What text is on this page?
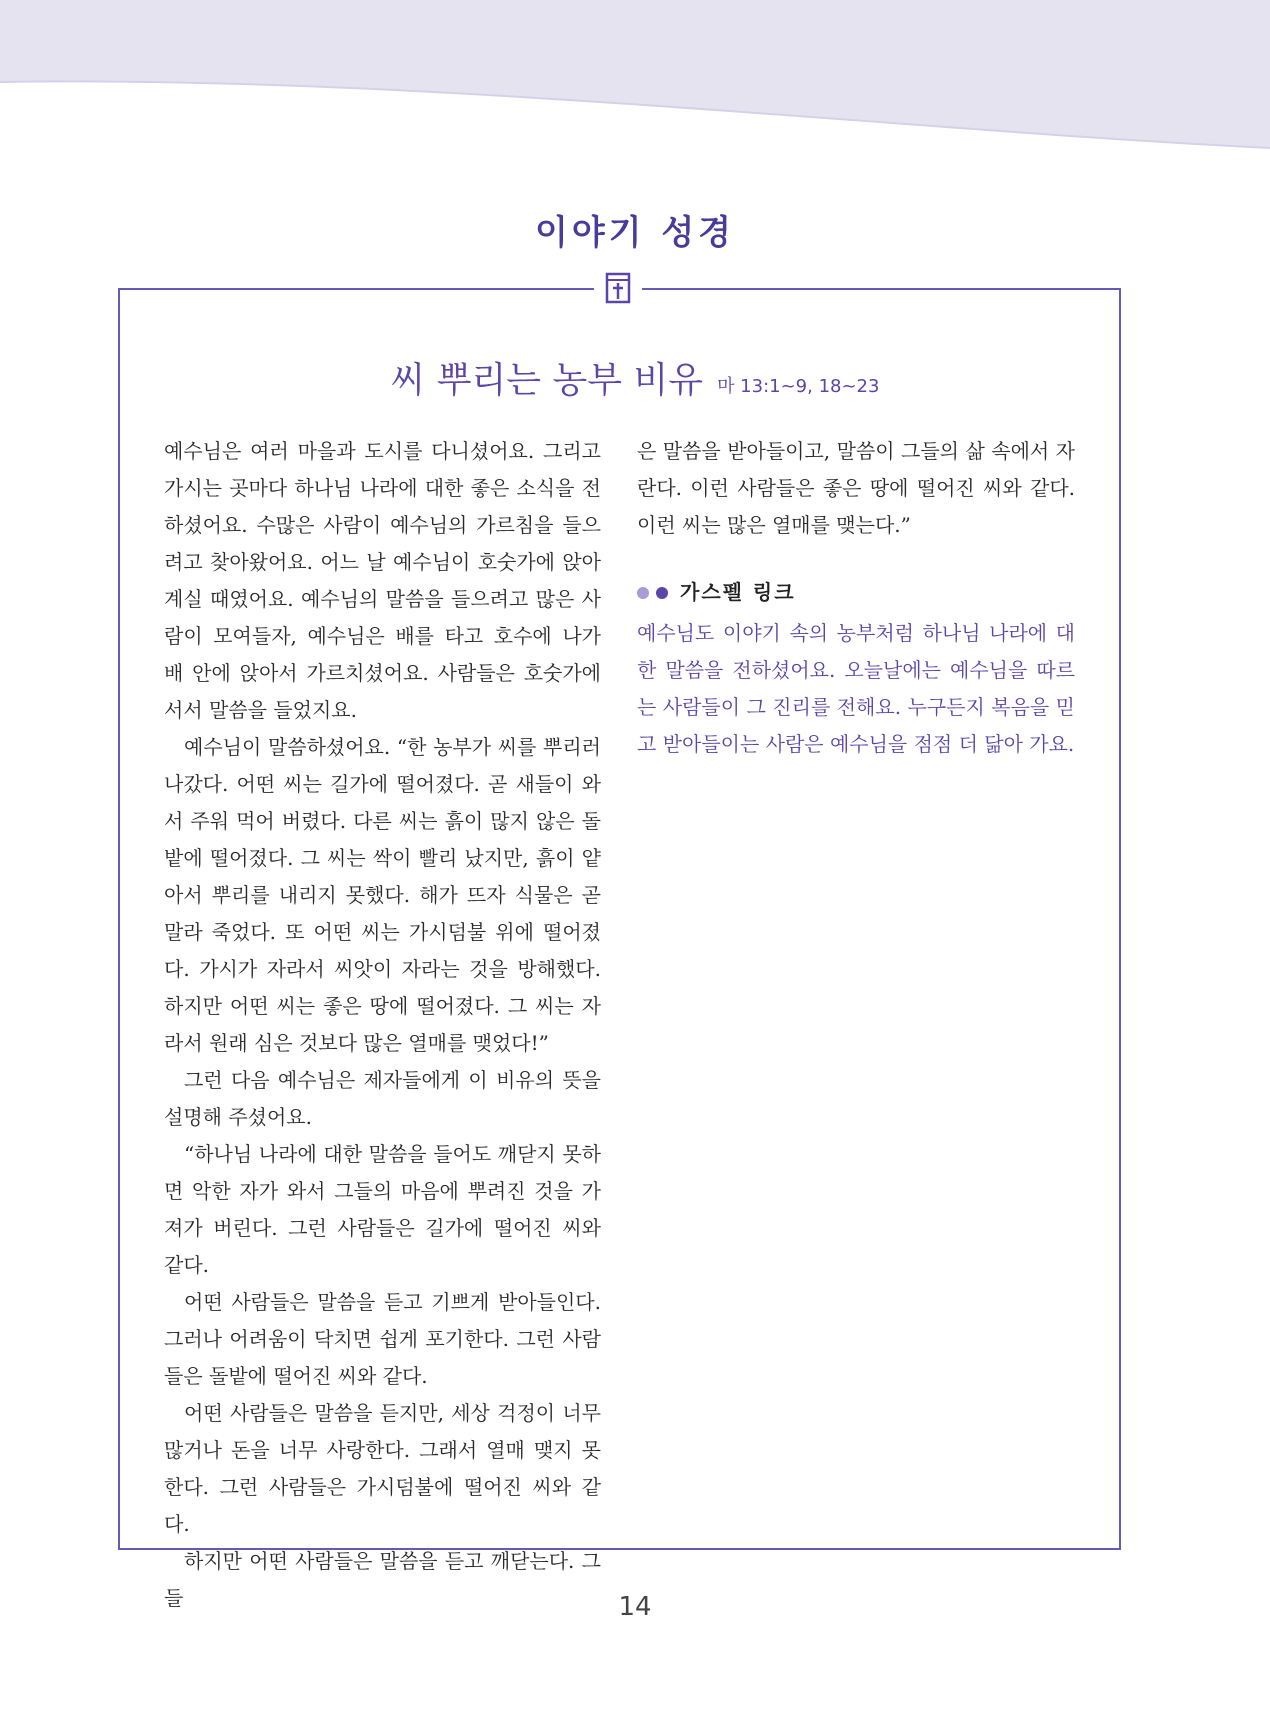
이야기 성경
씨 뿌리는 농부 비유 마 13:1~9, 18~23

예수님은 여러 마을과 도시를 다니셨어요. 그리고 가시는 곳마다 하나님 나라에 대한 좋은 소식을 전하셨어요. 수많은 사람이 예수님의 가르침을 들으려고 찾아왔어요. 어느 날 예수님이 호숫가에 앉아 계실 때였어요. 예수님의 말씀을 들으려고 많은 사람이 모여들자, 예수님은 배를 타고 호수에 나가 배 안에 앉아서 가르치셨어요. 사람들은 호숫가에 서서 말씀을 들었지요.

예수님이 말씀하셨어요. “한 농부가 씨를 뿌리러 나갔다. 어떤 씨는 길가에 떨어졌다. 곧 새들이 와서 주워 먹어 버렸다. 다른 씨는 흙이 많지 않은 돌밭에 떨어졌다. 그 씨는 싹이 빨리 났지만, 흙이 얕아서 뿌리를 내리지 못했다. 해가 뜨자 식물은 곧 말라 죽었다. 또 어떤 씨는 가시덤불 위에 떨어졌다. 가시가 자라서 씨앗이 자라는 것을 방해했다. 하지만 어떤 씨는 좋은 땅에 떨어졌다. 그 씨는 자라서 원래 심은 것보다 많은 열매를 맺었다!”

그런 다음 예수님은 제자들에게 이 비유의 뜻을 설명해 주셨어요.

“하나님 나라에 대한 말씀을 들어도 깨닫지 못하면 악한 자가 와서 그들의 마음에 뿌려진 것을 가져가 버린다. 그런 사람들은 길가에 떨어진 씨와 같다.

어떤 사람들은 말씀을 듣고 기쁘게 받아들인다. 그러나 어려움이 닥치면 쉽게 포기한다. 그런 사람들은 돌밭에 떨어진 씨와 같다.

어떤 사람들은 말씀을 듣지만, 세상 걱정이 너무 많거나 돈을 너무 사랑한다. 그래서 열매 맺지 못한다. 그런 사람들은 가시덤불에 떨어진 씨와 같다.

하지만 어떤 사람들은 말씀을 듣고 깨닫는다. 그들

은 말씀을 받아들이고, 말씀이 그들의 삶 속에서 자란다. 이런 사람들은 좋은 땅에 떨어진 씨와 같다. 이런 씨는 많은 열매를 맺는다.”

가스펠 링크

예수님도 이야기 속의 농부처럼 하나님 나라에 대한 말씀을 전하셨어요. 오늘날에는 예수님을 따르는 사람들이 그 진리를 전해요. 누구든지 복음을 믿고 받아들이는 사람은 예수님을 점점 더 닮아 가요.

14
